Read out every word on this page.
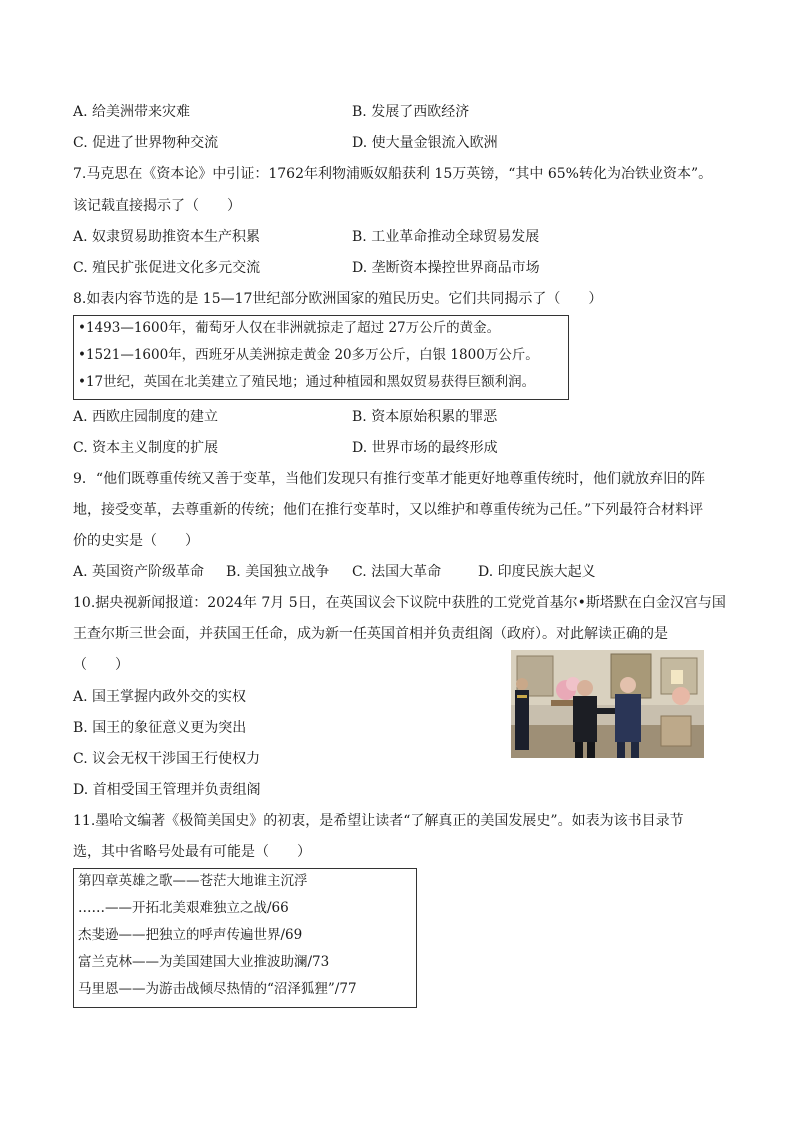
A. 给美洲带来灾难	B. 发展了西欧经济
C. 促进了世界物种交流	D. 使大量金银流入欧洲
7.马克思在《资本论》中引证：1762年利物浦贩奴船获利 15万英镑，“其中 65%转化为冶铁业资本”。
该记载直接揭示了（　　）
A. 奴隶贸易助推资本生产积累	B. 工业革命推动全球贸易发展
C. 殖民扩张促进文化多元交流	D. 垄断资本操控世界商品市场
8.如表内容节选的是 15—17世纪部分欧洲国家的殖民历史。它们共同揭示了（　　）
•1493—1600年，葡萄牙人仅在非洲就掠走了超过 27万公斤的黄金。
•1521—1600年，西班牙从美洲掠走黄金 20多万公斤，白银 1800万公斤。
•17世纪，英国在北美建立了殖民地；通过种植园和黑奴贸易获得巨额利润。
A. 西欧庄园制度的建立	B. 资本原始积累的罪恶
C. 资本主义制度的扩展	D. 世界市场的最终形成
9．“他们既尊重传统又善于变革，当他们发现只有推行变革才能更好地尊重传统时，他们就放弃旧的阵
地，接受变革，去尊重新的传统；他们在推行变革时，又以维护和尊重传统为己任。”下列最符合材料评
价的史实是（　　）
A. 英国资产阶级革命 B. 美国独立战争 C. 法国大革命	D. 印度民族大起义
10.据央视新闻报道：2024年 7月 5日，在英国议会下议院中获胜的工党党首基尔•斯塔默在白金汉宫与国
王查尔斯三世会面，并获国王任命，成为新一任英国首相并负责组阁（政府）。对此解读正确的是
（　　）
A. 国王掌握内政外交的实权
B. 国王的象征意义更为突出
C. 议会无权干涉国王行使权力
D. 首相受国王管理并负责组阁
11.墨哈文编著《极简美国史》的初衷，是希望让读者“了解真正的美国发展史”。如表为该书目录节
选，其中省略号处最有可能是（　　）
第四章英雄之歌——苍茫大地谁主沉浮
……——开拓北美艰难独立之战/66
杰斐逊——把独立的呼声传遍世界/69
富兰克林——为美国建国大业推波助澜/73
马里恩——为游击战倾尽热情的“沼泽狐狸”/77
